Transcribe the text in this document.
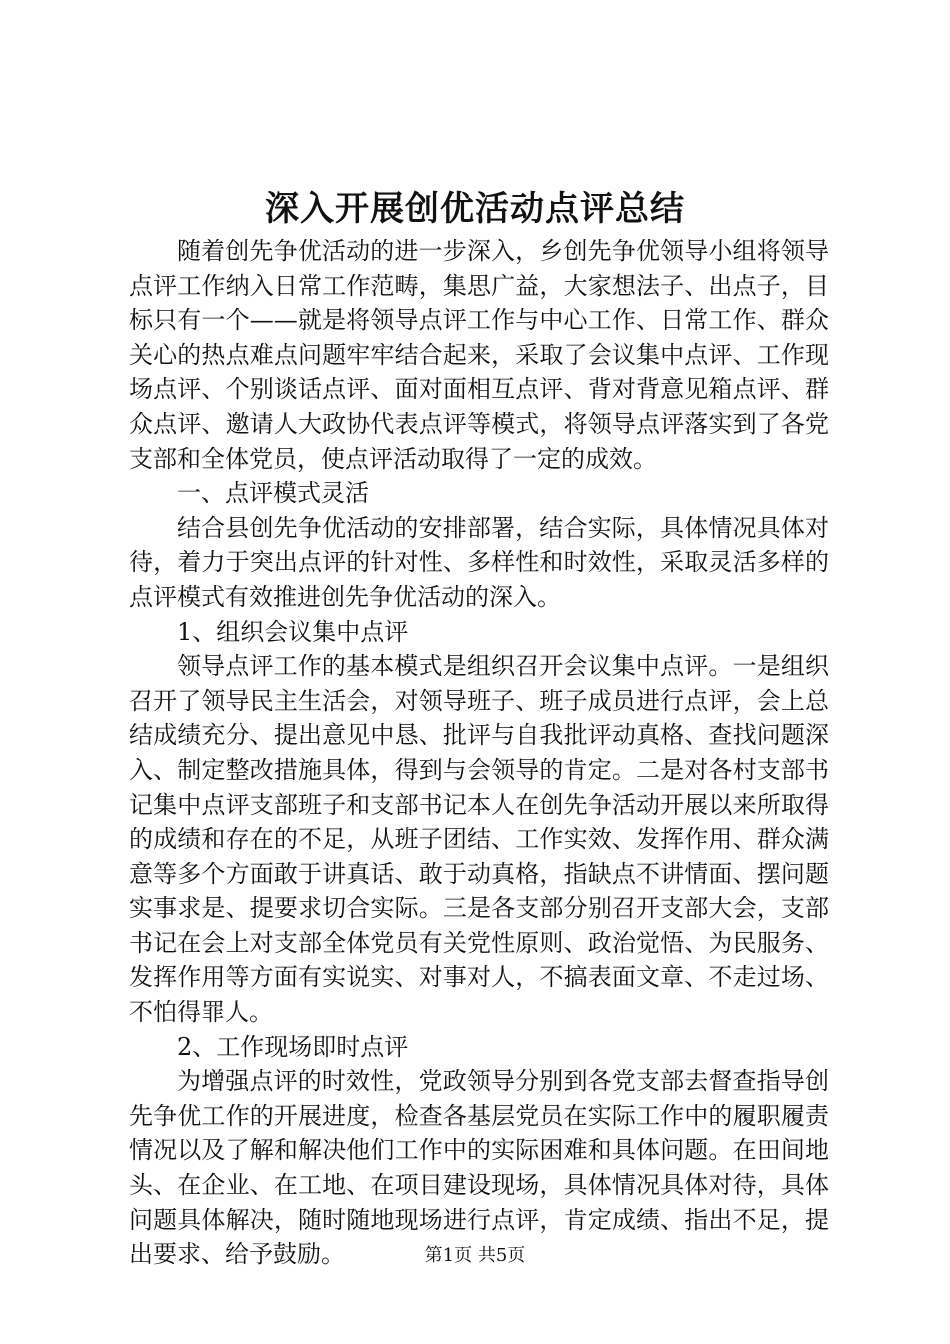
深入开展创优活动点评总结

随着创先争优活动的进一步深入，乡创先争优领导小组将领导点评工作纳入日常工作范畴，集思广益，大家想法子、出点子，目标只有一个——就是将领导点评工作与中心工作、日常工作、群众关心的热点难点问题牢牢结合起来，采取了会议集中点评、工作现场点评、个别谈话点评、面对面相互点评、背对背意见箱点评、群众点评、邀请人大政协代表点评等模式，将领导点评落实到了各党支部和全体党员，使点评活动取得了一定的成效。

一、点评模式灵活

结合县创先争优活动的安排部署，结合实际，具体情况具体对待，着力于突出点评的针对性、多样性和时效性，采取灵活多样的点评模式有效推进创先争优活动的深入。

1、组织会议集中点评

领导点评工作的基本模式是组织召开会议集中点评。一是组织召开了领导民主生活会，对领导班子、班子成员进行点评，会上总结成绩充分、提出意见中恳、批评与自我批评动真格、查找问题深入、制定整改措施具体，得到与会领导的肯定。二是对各村支部书记集中点评支部班子和支部书记本人在创先争活动开展以来所取得的成绩和存在的不足，从班子团结、工作实效、发挥作用、群众满意等多个方面敢于讲真话、敢于动真格，指缺点不讲情面、摆问题实事求是、提要求切合实际。三是各支部分别召开支部大会，支部书记在会上对支部全体党员有关党性原则、政治觉悟、为民服务、发挥作用等方面有实说实、对事对人，不搞表面文章、不走过场、不怕得罪人。

2、工作现场即时点评

为增强点评的时效性，党政领导分别到各党支部去督查指导创先争优工作的开展进度，检查各基层党员在实际工作中的履职履责情况以及了解和解决他们工作中的实际困难和具体问题。在田间地头、在企业、在工地、在项目建设现场，具体情况具体对待，具体问题具体解决，随时随地现场进行点评，肯定成绩、指出不足，提出要求、给予鼓励。	第1页 共5页
